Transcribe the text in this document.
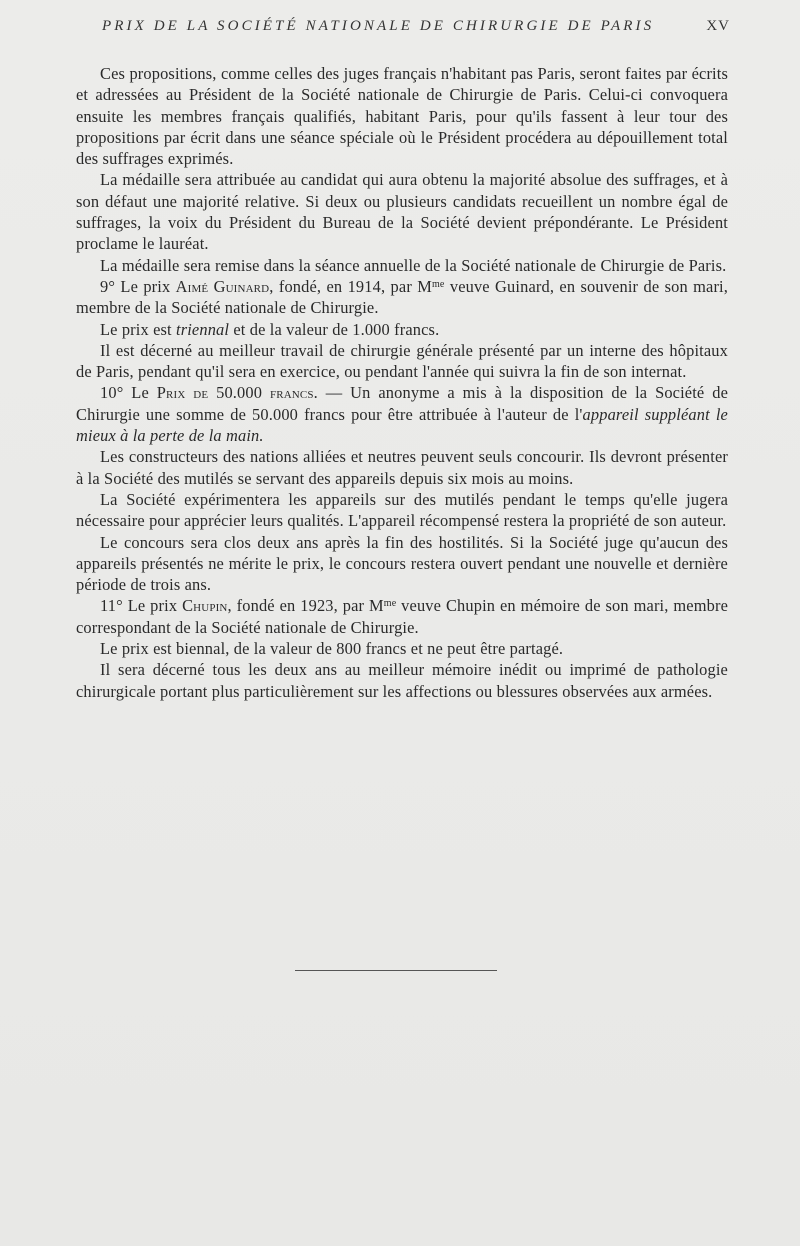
PRIX DE LA SOCIÉTÉ NATIONALE DE CHIRURGIE DE PARIS	XV

Ces propositions, comme celles des juges français n'habitant pas Paris, seront faites par écrits et adressées au Président de la Société nationale de Chirurgie de Paris. Celui-ci convoquera ensuite les membres français qualifiés, habitant Paris, pour qu'ils fassent à leur tour des propositions par écrit dans une séance spéciale où le Président procédera au dépouillement total des suffrages exprimés.

La médaille sera attribuée au candidat qui aura obtenu la majorité absolue des suffrages, et à son défaut une majorité relative. Si deux ou plusieurs candidats recueillent un nombre égal de suffrages, la voix du Président du Bureau de la Société devient prépondérante. Le Président proclame le lauréat.

La médaille sera remise dans la séance annuelle de la Société nationale de Chirurgie de Paris.

9° Le prix Aimé Guinard, fondé, en 1914, par $M^{me}$ veuve Guinard, en souvenir de son mari, membre de la Société nationale de Chirurgie.

Le prix est triennal et de la valeur de 1.000 francs.

Il est décerné au meilleur travail de chirurgie générale présenté par un interne des hôpitaux de Paris, pendant qu'il sera en exercice, ou pendant l'année qui suivra la fin de son internat.

10° Le Prix de 50.000 francs. — Un anonyme a mis à la disposition de la Société de Chirurgie une somme de 50.000 francs pour être attribuée à l'auteur de l'appareil suppléant le mieux à la perte de la main.

Les constructeurs des nations alliées et neutres peuvent seuls concourir. Ils devront présenter à la Société des mutilés se servant des appareils depuis six mois au moins.

La Société expérimentera les appareils sur des mutilés pendant le temps qu'elle jugera nécessaire pour apprécier leurs qualités. L'appareil récompensé restera la propriété de son auteur.

Le concours sera clos deux ans après la fin des hostilités. Si la Société juge qu'aucun des appareils présentés ne mérite le prix, le concours restera ouvert pendant une nouvelle et dernière période de trois ans.

11° Le prix Chupin, fondé en 1923, par $M^{me}$ veuve Chupin en mémoire de son mari, membre correspondant de la Société nationale de Chirurgie.

Le prix est biennal, de la valeur de 800 francs et ne peut être partagé.

Il sera décerné tous les deux ans au meilleur mémoire inédit ou imprimé de pathologie chirurgicale portant plus particulièrement sur les affections ou blessures observées aux armées.
